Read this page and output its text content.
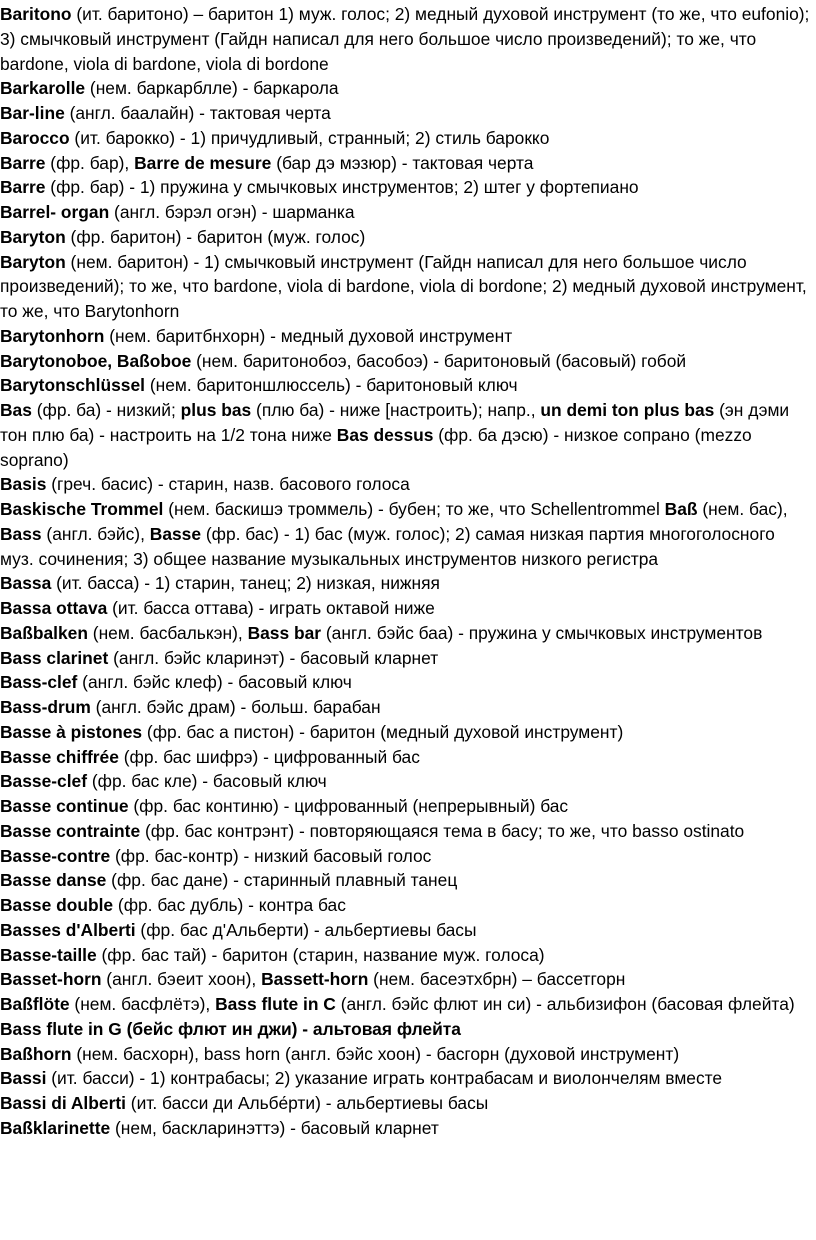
Baritono (ит. баритоно) – баритон 1) муж. голос; 2) медный духовой инструмент (то же, что eufonio); 3) смычковый инструмент (Гайдн написал для него большое число произведений); то же, что bardone, viola di bardone, viola di bordone

Barkarolle (нем. баркарблле) - баркарола

Bar-line (англ. баалайн) - тактовая черта

Barocco (ит. барокко) - 1) причудливый, странный; 2) стиль барокко

Barre (фр. бар), Barre de mesure (бар дэ мэзюр) - тактовая черта

Barre (фр. бар) - 1) пружина у смычковых инструментов; 2) штег у фортепиано

Barrel- organ (англ. бэрэл огэн) - шарманка

Baryton (фр. баритон) - баритон (муж. голос)

Baryton (нем. баритон) - 1) смычковый инструмент (Гайдн написал для него большое число произведений); то же, что bardone, viola di bardone, viola di bordone; 2) медный духовой инструмент, то же, что Barytonhorn

Barytonhorn (нем. баритбнхорн) - медный духовой инструмент

Barytonoboe, Baßoboe (нем. баритонобоэ, басобоэ) - баритоновый (басовый) гобой

Barytonschlüssel (нем. баритоншлюссель) - баритоновый ключ

Bas (фр. ба) - низкий; plus bas (плю ба) - ниже [настроить); напр., un demi ton plus bas (эн дэми тон плю ба) - настроить на 1/2 тона ниже Bas dessus (фр. ба дэсю) - низкое сопрано (mezzo soprano)

Basis (греч. басис) - старин, назв. басового голоса

Baskische Trommel (нем. баскишэ троммель) - бубен; то же, что Schellentrommel Baß (нем. бас), Bass (англ. бэйс), Basse (фр. бас) - 1) бас (муж. голос); 2) самая низкая партия многоголосного муз. сочинения; 3) общее название музыкальных инструментов низкого регистра

Bassa (ит. басса) - 1) старин, танец; 2) низкая, нижняя

Bassa ottava (ит. басса оттава) - играть октавой ниже

Baßbalken (нем. басбалькэн), Bass bar (англ. бэйс баа) - пружина у смычковых инструментов

Bass clarinet (англ. бэйс кларинэт) - басовый кларнет

Bass-clef (англ. бэйс клеф) - басовый ключ

Bass-drum (англ. бэйс драм) - больш. барабан

Basse à pistones (фр. бас а пистон) - баритон (медный духовой инструмент)

Basse chiffrée (фр. бас шифрэ) - цифрованный бас

Basse-clef (фр. бас кле) - басовый ключ

Basse continue (фр. бас континю) - цифрованный (непрерывный) бас

Basse contrainte (фр. бас контрэнт) - повторяющаяся тема в басу; то же, что basso ostinato

Basse-contre (фр. бас-контр) - низкий басовый голос

Basse danse (фр. бас дане) - старинный плавный танец

Basse double (фр. бас дубль) - контра бас

Basses d'Alberti (фр. бас д'Альберти) - альбертиевы басы

Basse-taille (фр. бас тай) - баритон (старин, название муж. голоса)

Basset-horn (англ. бэеит хоон), Bassett-horn (нем. басеэтхбрн) – бассетгорн

Baßflöte (нем. басфлётэ), Bass flute in C (англ. бэйс флют ин си) - альбизифон (басовая флейта)

Bass flute in G (бейс флют ин джи) - альтовая флейта

Baßhorn (нем. басхорн), bass horn (англ. бэйс хоон) - басгорн (духовой инструмент)

Bassi (ит. басси) - 1) контрабасы; 2) указание играть контрабасам и виолончелям вместе

Bassi di Alberti (ит. басси ди Альбе́рти) - альбертиевы басы

Baßklarinette (нем, баскларинэттэ) - басовый кларнет
